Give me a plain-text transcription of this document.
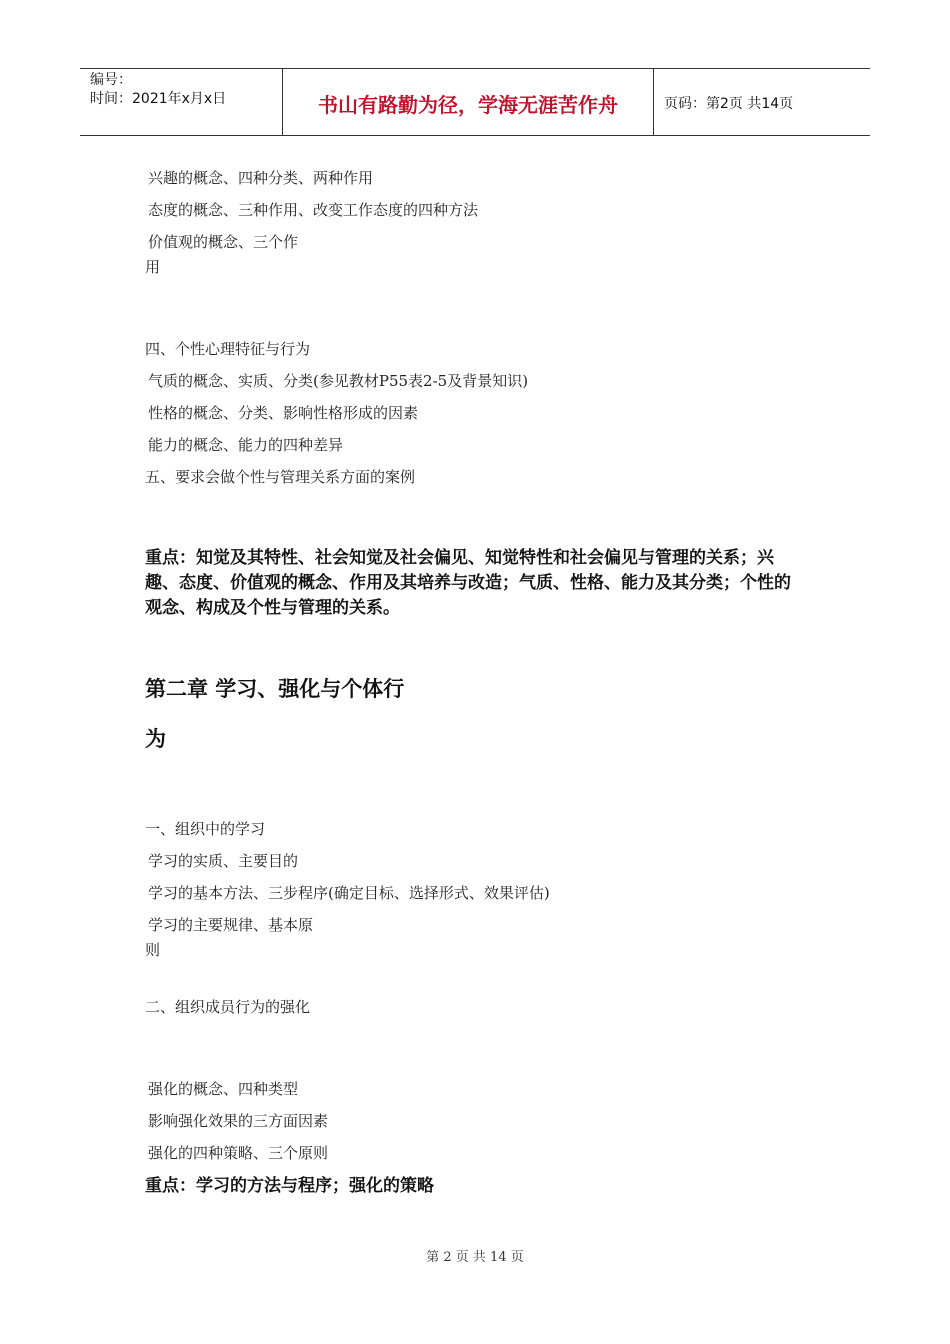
编号：
时间：2021年x月x日	书山有路勤为径，学海无涯苦作舟	页码：第2页 共14页
兴趣的概念、四种分类、两种作用
态度的概念、三种作用、改变工作态度的四种方法
价值观的概念、三个作
用
四、个性心理特征与行为
气质的概念、实质、分类(参见教材P55表2-5及背景知识)
性格的概念、分类、影响性格形成的因素
能力的概念、能力的四种差异
五、要求会做个性与管理关系方面的案例
重点：知觉及其特性、社会知觉及社会偏见、知觉特性和社会偏见与管理的关系；兴趣、态度、价值观的概念、作用及其培养与改造；气质、性格、能力及其分类；个性的观念、构成及个性与管理的关系。
第二章 学习、强化与个体行
为
一、组织中的学习
学习的实质、主要目的
学习的基本方法、三步程序(确定目标、选择形式、效果评估)
学习的主要规律、基本原
则
二、组织成员行为的强化
强化的概念、四种类型
影响强化效果的三方面因素
强化的四种策略、三个原则
重点：学习的方法与程序；强化的策略
第 2 页 共 14 页
